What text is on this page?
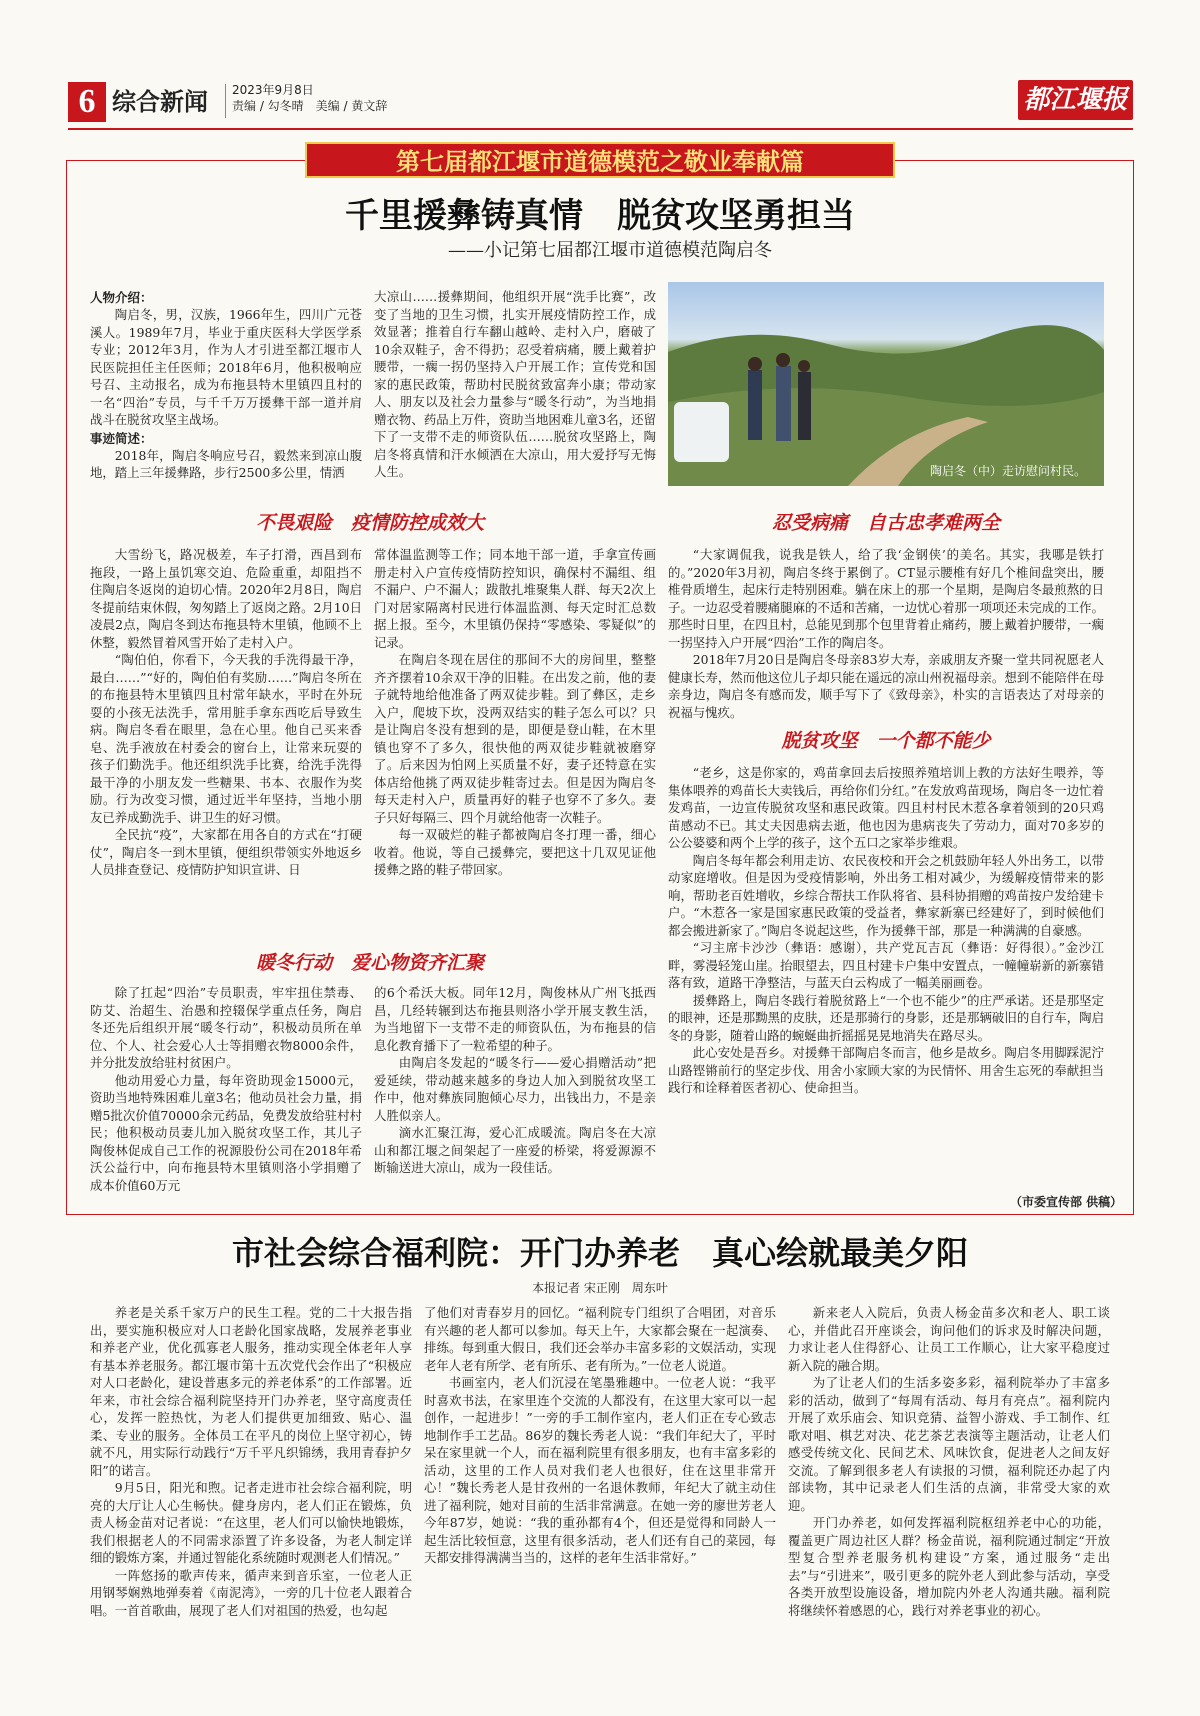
6 综合新闻 2023年9月8日
责编 / 勾冬晴　美编 / 黄文辞	都江堰报
第七届都江堰市道德模范之敬业奉献篇
千里援彝铸真情　脱贫攻坚勇担当
——小记第七届都江堰市道德模范陶启冬
人物介绍：

陶启冬，男，汉族，1966年生，四川广元苍溪人。1989年7月，毕业于重庆医科大学医学系专业；2012年3月，作为人才引进至都江堰市人民医院担任主任医师；2018年6月，他积极响应号召、主动报名，成为布拖县特木里镇四且村的一名“四治”专员，与千千万万援彝干部一道并肩战斗在脱贫攻坚主战场。

事迹简述：

2018年，陶启冬响应号召，毅然来到凉山腹地，踏上三年援彝路，步行2500多公里，情洒

大凉山……援彝期间，他组织开展“洗手比赛”，改变了当地的卫生习惯，扎实开展疫情防控工作，成效显著；推着自行车翻山越岭、走村入户，磨破了10余双鞋子，舍不得扔；忍受着病痛，腰上戴着护腰带，一瘸一拐仍坚持入户开展工作；宣传党和国家的惠民政策，帮助村民脱贫致富奔小康；带动家人、朋友以及社会力量参与“暖冬行动”，为当地捐赠衣物、药品上万件，资助当地困难儿童3名，还留下了一支带不走的师资队伍……脱贫攻坚路上，陶启冬将真情和汗水倾洒在大凉山，用大爱抒写无悔人生。	陶启冬（中）走访慰问村民。
不畏艰险　疫情防控成效大

大雪纷飞，路况极差，车子打滑，西昌到布拖段，一路上虽饥寒交迫、危险重重，却阻挡不住陶启冬返岗的迫切心情。2020年2月8日，陶启冬提前结束休假，匆匆踏上了返岗之路。2月10日凌晨2点，陶启冬到达布拖县特木里镇，他顾不上休整，毅然冒着风雪开始了走村入户。

“陶伯伯，你看下，今天我的手洗得最干净，最白……”“好的，陶伯伯有奖励……”陶启冬所在的布拖县特木里镇四且村常年缺水，平时在外玩耍的小孩无法洗手，常用脏手拿东西吃后导致生病。陶启冬看在眼里，急在心里。他自己买来香皂、洗手液放在村委会的窗台上，让常来玩耍的孩子们勤洗手。他还组织洗手比赛，给洗手洗得最干净的小朋友发一些糖果、书本、衣服作为奖励。行为改变习惯，通过近半年坚持，当地小朋友已养成勤洗手、讲卫生的好习惯。

全民抗“疫”，大家都在用各自的方式在“打硬仗”，陶启冬一到木里镇，便组织带领实外地返乡人员排查登记、疫情防护知识宣讲、日

常体温监测等工作；同本地干部一道，手拿宣传画册走村入户宣传疫情防控知识，确保村不漏组、组不漏户、户不漏人；跋散扎堆聚集人群、每天2次上门对居家隔离村民进行体温监测、每天定时汇总数据上报。至今，木里镇仍保持“零感染、零疑似”的记录。

在陶启冬现在居住的那间不大的房间里，整整齐齐摆着10余双干净的旧鞋。在出发之前，他的妻子就特地给他准备了两双徒步鞋。到了彝区，走乡入户，爬坡下坎，没两双结实的鞋子怎么可以？只是让陶启冬没有想到的是，即便是登山鞋，在木里镇也穿不了多久，很快他的两双徒步鞋就被磨穿了。后来因为怕网上买质量不好，妻子还特意在实体店给他挑了两双徒步鞋寄过去。但是因为陶启冬每天走村入户，质量再好的鞋子也穿不了多久。妻子只好每隔三、四个月就给他寄一次鞋子。

每一双破烂的鞋子都被陶启冬打理一番，细心收着。他说，等自己援彝完，要把这十几双见证他援彝之路的鞋子带回家。

暖冬行动　爱心物资齐汇聚

除了扛起“四治”专员职责，牢牢扭住禁毒、防艾、治超生、治愚和控辍保学重点任务，陶启冬还先后组织开展“暖冬行动”，积极动员所在单位、个人、社会爱心人士等捐赠衣物8000余件，并分批发放给驻村贫困户。

他动用爱心力量，每年资助现金15000元，资助当地特殊困难儿童3名；他动员社会力量，捐赠5批次价值70000余元药品，免费发放给驻村村民；他积极动员妻儿加入脱贫攻坚工作，其儿子陶俊林促成自己工作的祝源股份公司在2018年希沃公益行中，向布拖县特木里镇则洛小学捐赠了成本价值60万元

的6个希沃大板。同年12月，陶俊林从广州飞抵西昌，几经转辗到达布拖县则洛小学开展支教生活，为当地留下一支带不走的师资队伍，为布拖县的信息化教育播下了一粒希望的种子。

由陶启冬发起的“暖冬行——爱心捐赠活动”把爱延续，带动越来越多的身边人加入到脱贫攻坚工作中，他对彝族同胞倾心尽力，出钱出力，不是亲人胜似亲人。

滴水汇聚江海，爱心汇成暖流。陶启冬在大凉山和都江堰之间架起了一座爱的桥梁，将爱源源不断输送进大凉山，成为一段佳话。

忍受病痛　自古忠孝难两全

“大家调侃我，说我是铁人，给了我‘金钢侠’的美名。其实，我哪是铁打的。”2020年3月初，陶启冬终于累倒了。CT显示腰椎有好几个椎间盘突出，腰椎骨质增生，起床行走特别困难。躺在床上的那一个星期，是陶启冬最煎熬的日子。一边忍受着腰痛腿麻的不适和苦痛，一边忧心着那一项项还未完成的工作。那些时日里，在四且村，总能见到那个包里背着止痛药，腰上戴着护腰带，一瘸一拐坚持入户开展“四治”工作的陶启冬。

2018年7月20日是陶启冬母亲83岁大寿，亲戚朋友齐聚一堂共同祝愿老人健康长寿，然而他这位儿子却只能在遥远的凉山州祝福母亲。想到不能陪伴在母亲身边，陶启冬有感而发，顺手写下了《致母亲》，朴实的言语表达了对母亲的祝福与愧疚。

脱贫攻坚　一个都不能少

“老乡，这是你家的，鸡苗拿回去后按照养殖培训上教的方法好生喂养，等集体喂养的鸡苗长大卖钱后，再给你们分红。”在发放鸡苗现场，陶启冬一边忙着发鸡苗，一边宣传脱贫攻坚和惠民政策。四且村村民木惹各拿着领到的20只鸡苗感动不已。其丈夫因患病去逝，他也因为患病丧失了劳动力，面对70多岁的公公婆婆和两个上学的孩子，这个五口之家举步维艰。

陶启冬每年都会利用走访、农民夜校和开会之机鼓励年轻人外出务工，以带动家庭增收。但是因为受疫情影响，外出务工相对减少，为缓解疫情带来的影响，帮助老百姓增收，乡综合帮扶工作队将省、县科协捐赠的鸡苗按户发给建卡户。“木惹各一家是国家惠民政策的受益者，彝家新寨已经建好了，到时候他们都会搬进新家了。”陶启冬说起这些，作为援彝干部，那是一种满满的自豪感。

“习主席卡沙沙（彝语：感谢），共产党瓦吉瓦（彝语：好得很）。”金沙江畔，雾漫轻笼山崖。抬眼望去，四且村建卡户集中安置点，一幢幢崭新的新寨错落有致，道路干净整洁，与蓝天白云构成了一幅美丽画卷。

援彝路上，陶启冬践行着脱贫路上“一个也不能少”的庄严承诺。还是那坚定的眼神，还是那黝黑的皮肤，还是那骑行的身影，还是那辆破旧的自行车，陶启冬的身影，随着山路的蜿蜒曲折摇摇晃晃地消失在路尽头。

此心安处是吾乡。对援彝干部陶启冬而言，他乡是故乡。陶启冬用脚踩泥泞山路铿锵前行的坚定步伐、用舍小家顾大家的为民情怀、用舍生忘死的奉献担当践行和诠释着医者初心、使命担当。

（市委宣传部 供稿）
市社会综合福利院：开门办养老　真心绘就最美夕阳
本报记者 宋正刚　周东叶

养老是关系千家万户的民生工程。党的二十大报告指出，要实施积极应对人口老龄化国家战略，发展养老事业和养老产业，优化孤寡老人服务，推动实现全体老年人享有基本养老服务。都江堰市第十五次党代会作出了“积极应对人口老龄化，建设普惠多元的养老体系”的工作部署。近年来，市社会综合福利院坚持开门办养老，坚守高度责任心，发挥一腔热忱，为老人们提供更加细致、贴心、温柔、专业的服务。全体员工在平凡的岗位上坚守初心，铸就不凡，用实际行动践行“万千平凡织锦绣，我用青春护夕阳”的诺言。

9月5日，阳光和煦。记者走进市社会综合福利院，明亮的大厅让人心生畅快。健身房内，老人们正在锻炼，负责人杨金苗对记者说：“在这里，老人们可以愉快地锻炼，我们根据老人的不同需求添置了许多设备，为老人制定详细的锻炼方案，并通过智能化系统随时观测老人们情况。”

一阵悠扬的歌声传来，循声来到音乐室，一位老人正用钢琴娴熟地弹奏着《南泥湾》，一旁的几十位老人跟着合唱。一首首歌曲，展现了老人们对祖国的热爱，也勾起

了他们对青春岁月的回忆。“福利院专门组织了合唱团，对音乐有兴趣的老人都可以参加。每天上午，大家都会聚在一起演奏、排练。每到重大假日，我们还会举办丰富多彩的文娱活动，实现老年人老有所学、老有所乐、老有所为。”一位老人说道。

书画室内，老人们沉浸在笔墨雅趣中。一位老人说：“我平时喜欢书法，在家里连个交流的人都没有，在这里大家可以一起创作，一起进步！”一旁的手工制作室内，老人们正在专心致志地制作手工艺品。86岁的魏长秀老人说：“我们年纪大了，平时呆在家里就一个人，而在福利院里有很多朋友，也有丰富多彩的活动，这里的工作人员对我们老人也很好，住在这里非常开心！”魏长秀老人是甘孜州的一名退休教师，年纪大了就主动住进了福利院，她对目前的生活非常满意。在她一旁的廖世芳老人今年87岁，她说：“我的重孙都有4个，但还是觉得和同龄人一起生活比较恒意，这里有很多活动，老人们还有自己的菜园，每天都安排得满满当当的，这样的老年生活非常好。”

新来老人入院后，负责人杨金苗多次和老人、职工谈心，并借此召开座谈会，询问他们的诉求及时解决问题，力求让老人住得舒心、让员工工作顺心，让大家平稳度过新入院的融合期。

为了让老人们的生活多姿多彩，福利院举办了丰富多彩的活动，做到了“每周有活动、每月有亮点”。福利院内开展了欢乐庙会、知识竞猜、益智小游戏、手工制作、红歌对唱、棋艺对决、花艺茶艺表演等主题活动，让老人们感受传统文化、民间艺术、风味饮食，促进老人之间友好交流。了解到很多老人有读报的习惯，福利院还办起了内部读物，其中记录老人们生活的点滴，非常受大家的欢迎。

开门办养老，如何发挥福利院枢纽养老中心的功能，覆盖更广周边社区人群？杨金苗说，福利院通过制定“开放型复合型养老服务机构建设”方案，通过服务“走出去”与“引进来”，吸引更多的院外老人到此参与活动，享受各类开放型设施设备，增加院内外老人沟通共融。福利院将继续怀着感恩的心，践行对养老事业的初心。
